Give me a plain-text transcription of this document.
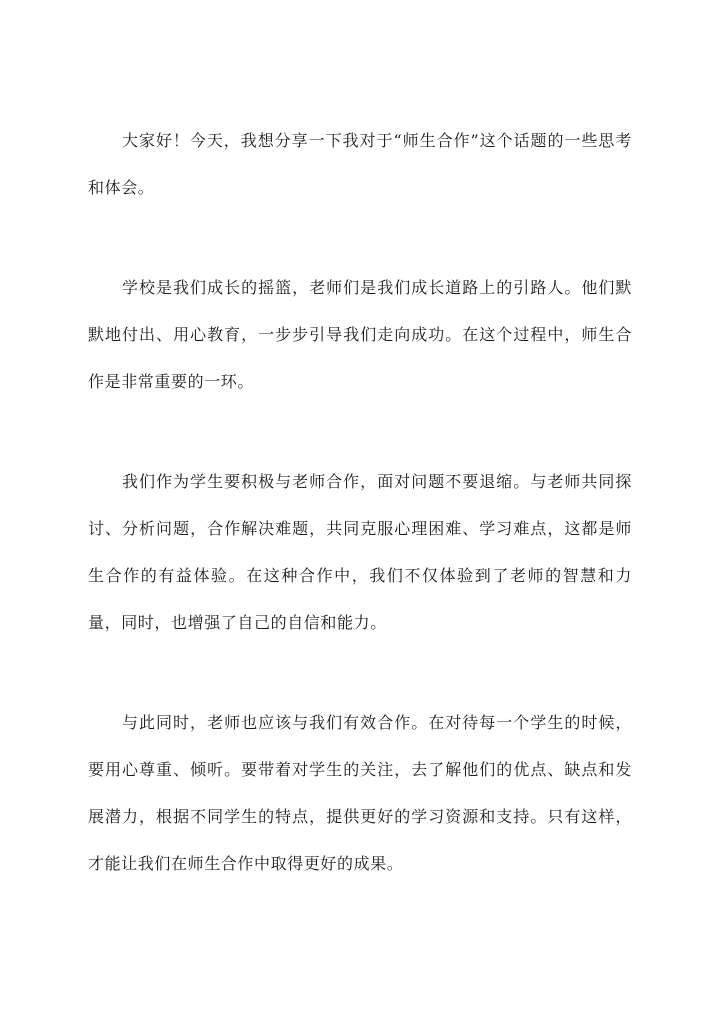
大家好！今天，我想分享一下我对于“师生合作”这个话题的一些思考和体会。

学校是我们成长的摇篮，老师们是我们成长道路上的引路人。他们默默地付出、用心教育，一步步引导我们走向成功。在这个过程中，师生合作是非常重要的一环。

我们作为学生要积极与老师合作，面对问题不要退缩。与老师共同探讨、分析问题，合作解决难题，共同克服心理困难、学习难点，这都是师生合作的有益体验。在这种合作中，我们不仅体验到了老师的智慧和力量，同时，也增强了自己的自信和能力。

与此同时，老师也应该与我们有效合作。在对待每一个学生的时候，要用心尊重、倾听。要带着对学生的关注，去了解他们的优点、缺点和发展潜力，根据不同学生的特点，提供更好的学习资源和支持。只有这样，才能让我们在师生合作中取得更好的成果。
